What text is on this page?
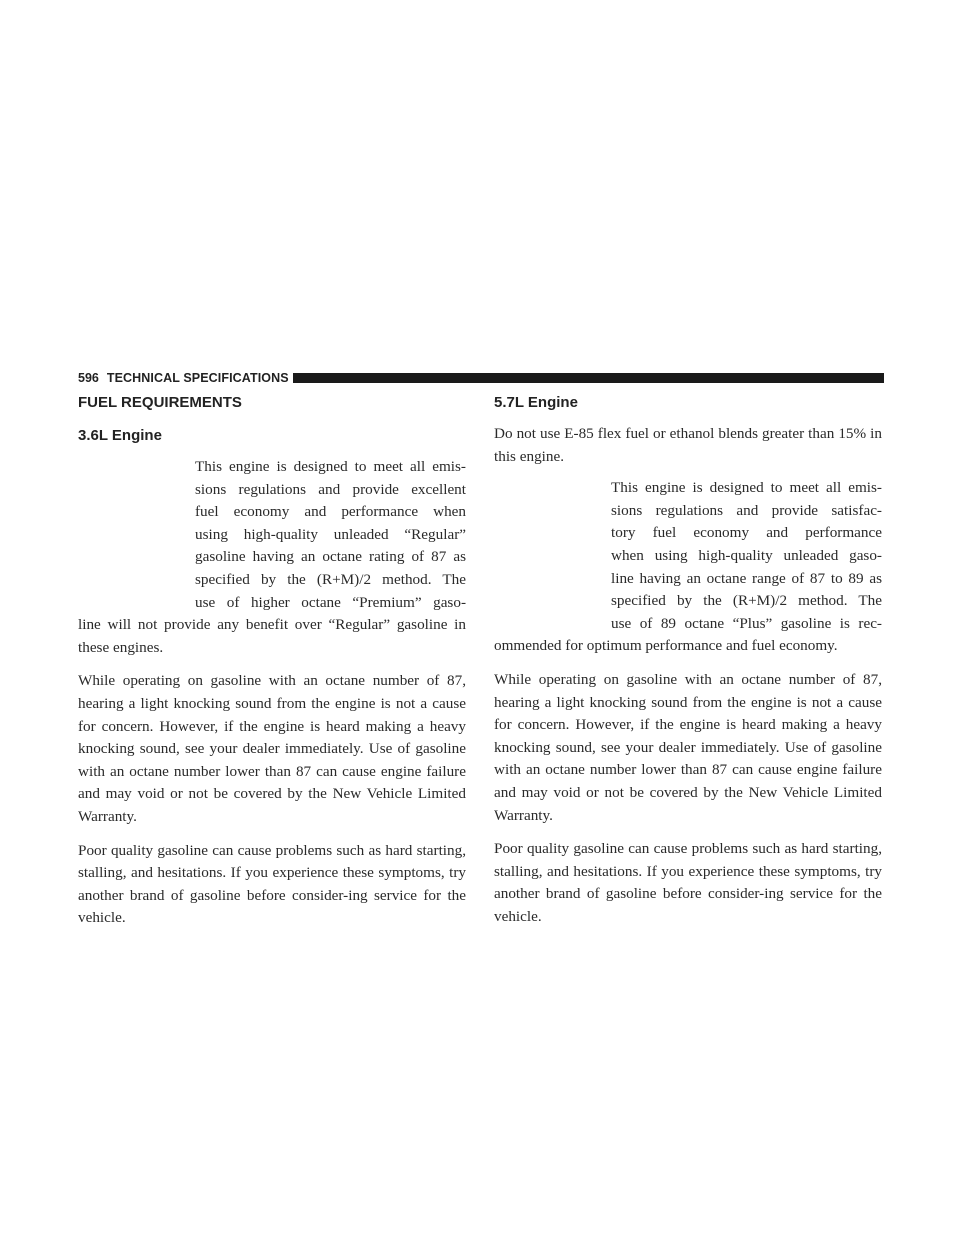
596 TECHNICAL SPECIFICATIONS
FUEL REQUIREMENTS
3.6L Engine
This engine is designed to meet all emis-
sions regulations and provide excellent
fuel economy and performance when
using high-quality unleaded “Regular”
gasoline having an octane rating of 87 as
specified by the (R+M)/2 method. The
use of higher octane “Premium” gaso-
line will not provide any benefit over “Regular” gasoline in these engines.

While operating on gasoline with an octane number of 87, hearing a light knocking sound from the engine is not a cause for concern. However, if the engine is heard making a heavy knocking sound, see your dealer immediately. Use of gasoline with an octane number lower than 87 can cause engine failure and may void or not be covered by the New Vehicle Limited Warranty.

Poor quality gasoline can cause problems such as hard starting, stalling, and hesitations. If you experience these symptoms, try another brand of gasoline before consider-ing service for the vehicle.

5.7L Engine

Do not use E-85 flex fuel or ethanol blends greater than 15% in this engine.

This engine is designed to meet all emis-
sions regulations and provide satisfac-
tory fuel economy and performance
when using high-quality unleaded gaso-
line having an octane range of 87 to 89 as
specified by the (R+M)/2 method. The
use of 89 octane “Plus” gasoline is rec-
ommended for optimum performance and fuel economy.

While operating on gasoline with an octane number of 87, hearing a light knocking sound from the engine is not a cause for concern. However, if the engine is heard making a heavy knocking sound, see your dealer immediately. Use of gasoline with an octane number lower than 87 can cause engine failure and may void or not be covered by the New Vehicle Limited Warranty.

Poor quality gasoline can cause problems such as hard starting, stalling, and hesitations. If you experience these symptoms, try another brand of gasoline before consider-ing service for the vehicle.
